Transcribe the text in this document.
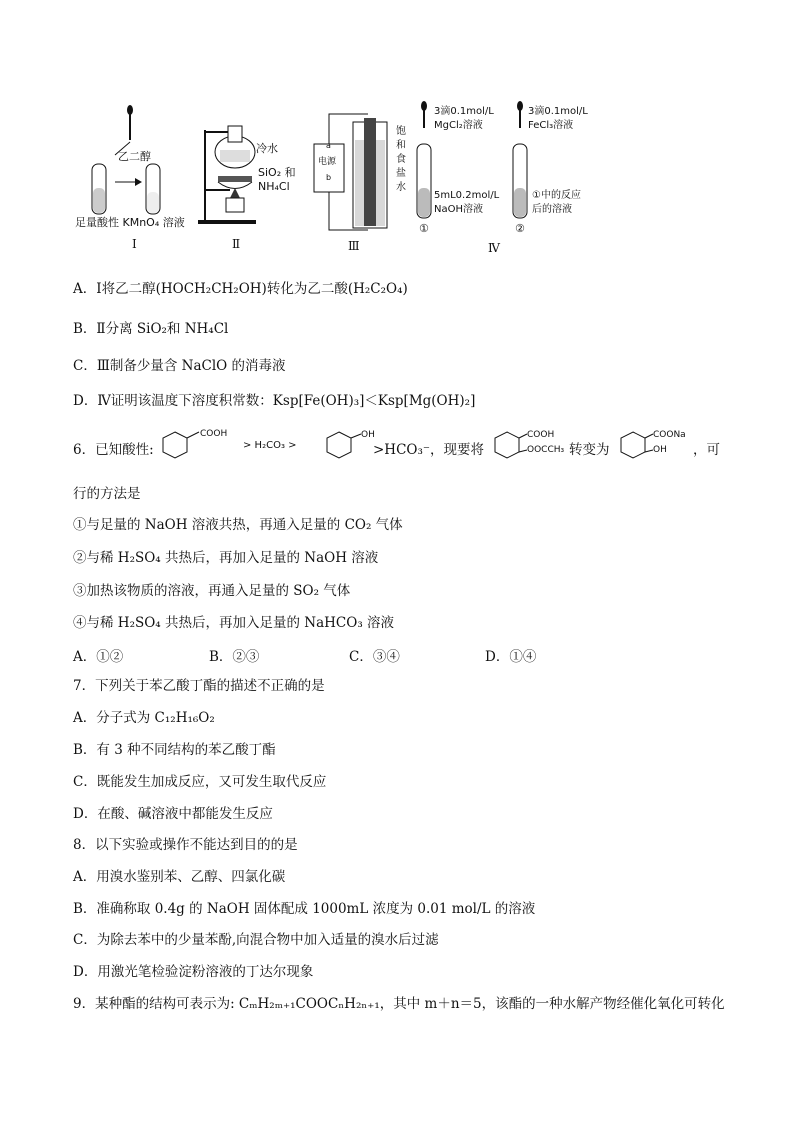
乙二醇
足量酸性 KMnO₄ 溶液
Ⅰ
冷水
SiO₂ 和
NH₄Cl
Ⅱ
电源
a
b
饱
和
食
盐
水
Ⅲ
3滴0.1mol/L
MgCl₂溶液
5mL0.2mol/L
NaOH溶液
①
3滴0.1mol/L
FeCl₃溶液
①中的反应
后的溶液
②
Ⅳ
A．Ⅰ将乙二醇(HOCH₂CH₂OH)转化为乙二酸(H₂C₂O₄)
B．Ⅱ分离 SiO₂和 NH₄Cl
C．Ⅲ制备少量含 NaClO 的消毒液
D．Ⅳ证明该温度下溶度积常数：Ksp[Fe(OH)₃]＜Ksp[Mg(OH)₂]
6．已知酸性:
COOH
> H₂CO₃ >
OH
>HCO₃⁻，现要将
COOH
OOCCH₃ 转变为
COONa
OH ，可
行的方法是
①与足量的 NaOH 溶液共热，再通入足量的 CO₂ 气体
②与稀 H₂SO₄ 共热后，再加入足量的 NaOH 溶液
③加热该物质的溶液，再通入足量的 SO₂ 气体
④与稀 H₂SO₄ 共热后，再加入足量的 NaHCO₃ 溶液
A．①②	B．②③	C．③④	D．①④
7．下列关于苯乙酸丁酯的描述不正确的是
A．分子式为 C₁₂H₁₆O₂
B．有 3 种不同结构的苯乙酸丁酯
C．既能发生加成反应，又可发生取代反应
D．在酸、碱溶液中都能发生反应
8．以下实验或操作不能达到目的的是
A．用溴水鉴别苯、乙醇、四氯化碳
B．准确称取 0.4g 的 NaOH 固体配成 1000mL 浓度为 0.01 mol/L 的溶液
C．为除去苯中的少量苯酚,向混合物中加入适量的溴水后过滤
D．用激光笔检验淀粉溶液的丁达尔现象
9．某种酯的结构可表示为: CₘH₂ₘ₊₁COOCₙH₂ₙ₊₁，其中 m＋n＝5，该酯的一种水解产物经催化氧化可转化
